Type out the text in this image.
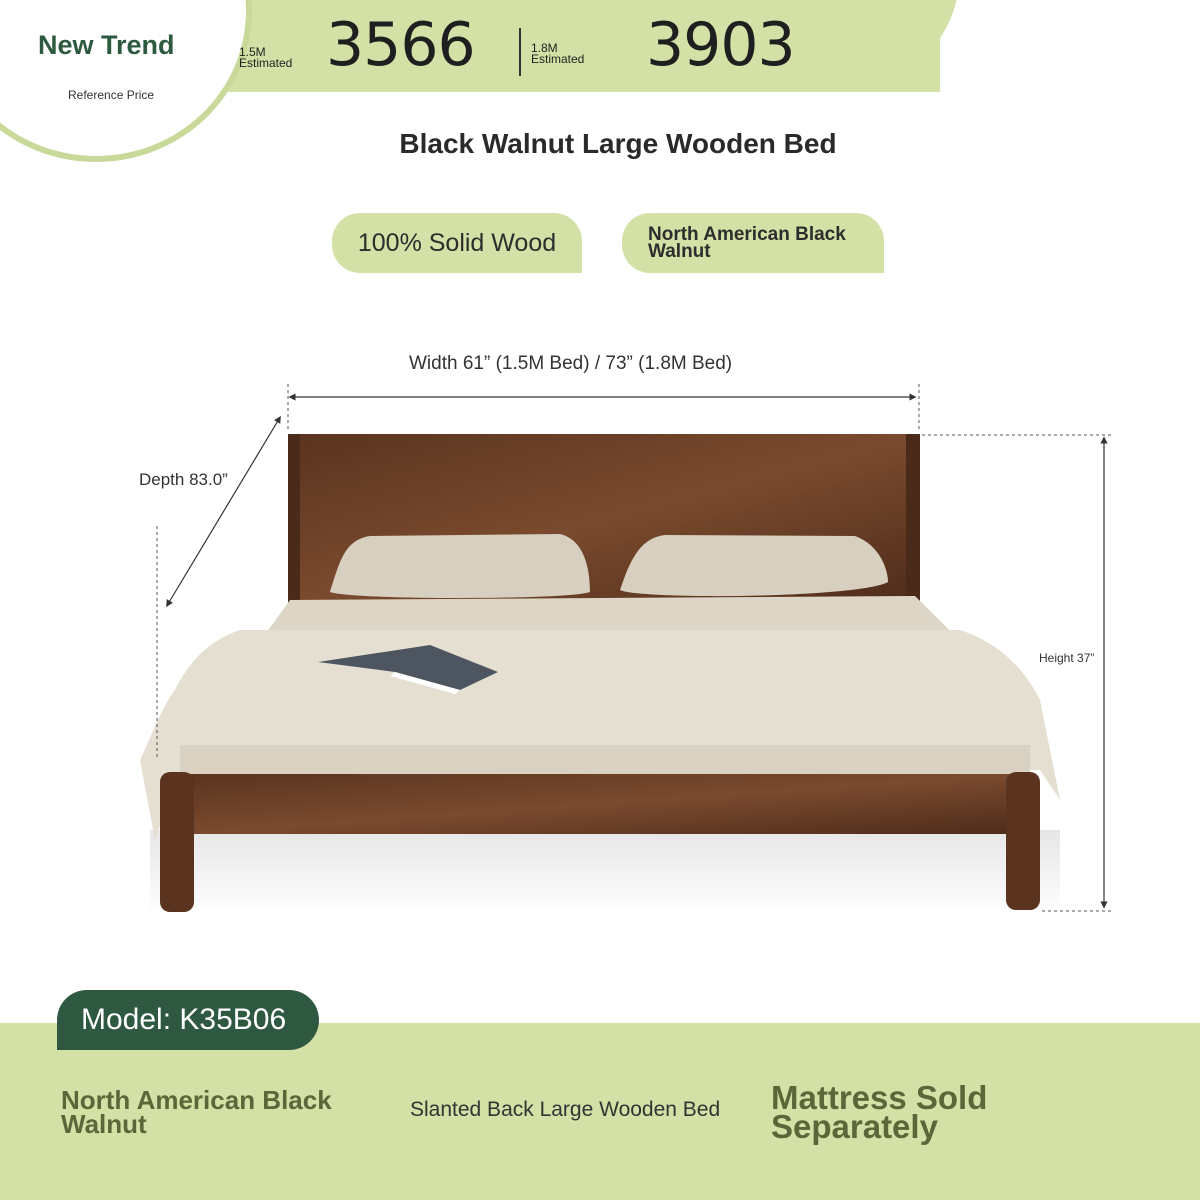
New Trend
Reference Price
1.5M
Estimated 3566	1.8M
Estimated 3903
Black Walnut Large Wooden Bed
100% Solid Wood	North American Black Walnut
Width 61” (1.5M Bed) / 73” (1.8M Bed)
Depth 83.0”
Height 37”
Model: K35B06
North American Black Walnut	Slanted Back Large Wooden Bed Mattress Sold Separately
